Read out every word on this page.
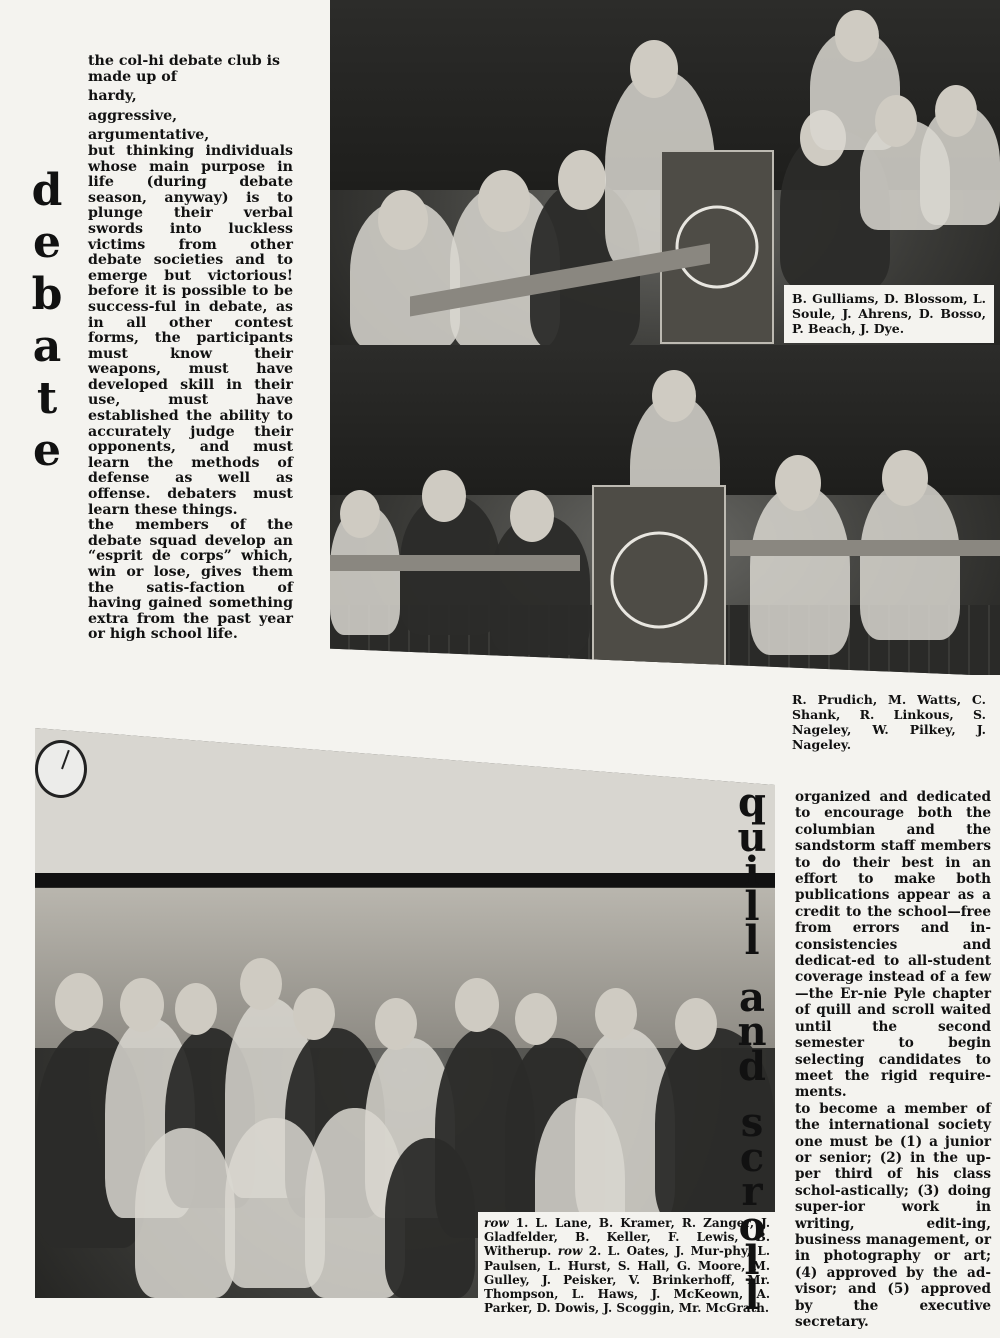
the col-hi debate club is

made up of

hardy,

aggressive,

argumentative,

but thinking individuals whose main purpose in life (during debate season, anyway) is to plunge their verbal swords into luckless victims from other debate societies and to emerge but victorious! before it is possible to be success-ful in debate, as in all other contest forms, the participants must know their weapons, must have developed skill in their use, must have established the ability to accurately judge their opponents, and must learn the methods of defense as well as offense. debaters must learn these things.

the members of the debate squad develop an “esprit de corps” which, win or lose, gives them the satis-faction of having gained something extra from the past year or high school life.

d
e
b
a
t
e
B. Gulliams, D. Blossom, L. Soule, J. Ahrens, D. Bosso, P. Beach, J. Dye.
R. Prudich, M. Watts, C. Shank, R. Linkous, S. Nageley, W. Pilkey, J. Nageley.
row 1. L. Lane, B. Kramer, R. Zanger, J. Gladfelder, B. Keller, F. Lewis, B. Witherup. row 2. L. Oates, J. Mur-phy, L. Paulsen, L. Hurst, S. Hall, G. Moore, M. Gulley, J. Peisker, V. Brinkerhoff, Mr. Thompson, L. Haws, J. McKeown, A. Parker, D. Dowis, J. Scoggin, Mr. McGrath.
q
u
i
l
l
a
n
d
s
c
r
o
l
l

organized and dedicated to encourage both the columbian and the sandstorm staff members to do their best in an effort to make both publications appear as a credit to the school—free from errors and in-consistencies and dedicat-ed to all-student coverage instead of a few—the Er-nie Pyle chapter of quill and scroll waited until the second semester to begin selecting candidates to meet the rigid require-ments.

to become a member of the international society one must be (1) a junior or senior; (2) in the up-per third of his class schol-astically; (3) doing super-ior work in writing, edit-ing, business management, or in photography or art; (4) approved by the ad-visor; and (5) approved by the executive secretary.
